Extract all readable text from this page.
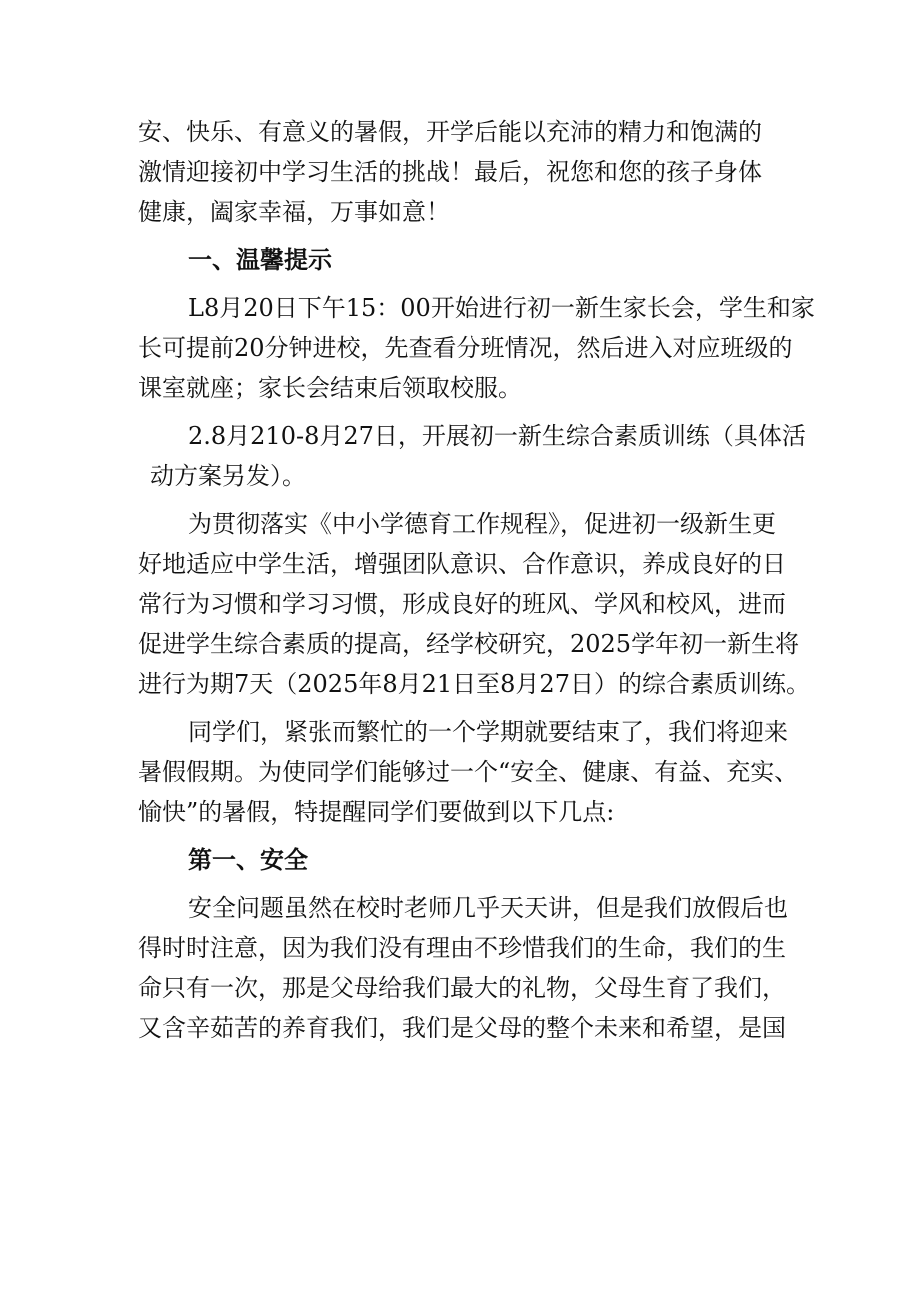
安、快乐、有意义的暑假，开学后能以充沛的精力和饱满的
激情迎接初中学习生活的挑战！最后，祝您和您的孩子身体
健康，阖家幸福，万事如意！
一、温馨提示
L8月20日下午15：00开始进行初一新生家长会，学生和家
长可提前20分钟进校，先查看分班情况，然后进入对应班级的
课室就座；家长会结束后领取校服。
2.8月210-8月27日，开展初一新生综合素质训练（具体活
动方案另发）。
为贯彻落实《中小学德育工作规程》，促进初一级新生更
好地适应中学生活，增强团队意识、合作意识，养成良好的日
常行为习惯和学习习惯，形成良好的班风、学风和校风，进而
促进学生综合素质的提高，经学校研究，2025学年初一新生将
进行为期7天（2025年8月21日至8月27日）的综合素质训练。
同学们，紧张而繁忙的一个学期就要结束了，我们将迎来
暑假假期。为使同学们能够过一个“安全、健康、有益、充实、
愉快”的暑假，特提醒同学们要做到以下几点:
第一、安全
安全问题虽然在校时老师几乎天天讲，但是我们放假后也
得时时注意，因为我们没有理由不珍惜我们的生命，我们的生
命只有一次，那是父母给我们最大的礼物，父母生育了我们，
又含辛茹苦的养育我们，我们是父母的整个未来和希望，是国
